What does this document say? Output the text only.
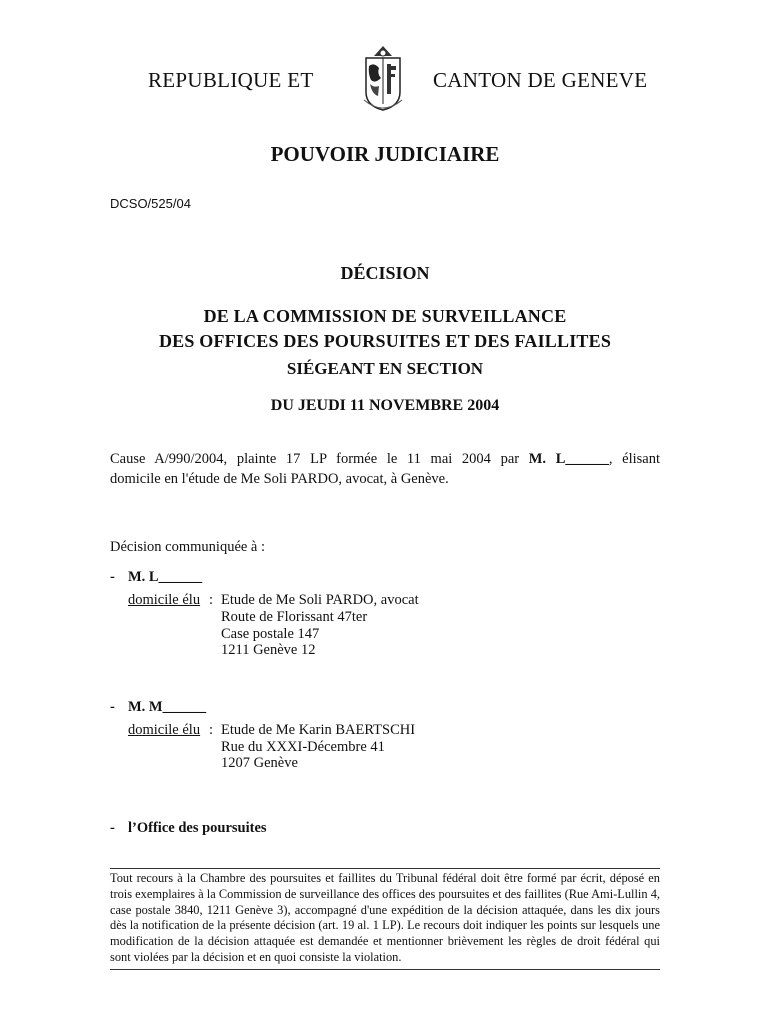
REPUBLIQUE ET	CANTON DE GENEVE
POUVOIR JUDICIAIRE
DCSO/525/04
DÉCISION
DE LA COMMISSION DE SURVEILLANCE
DES OFFICES DES POURSUITES ET DES FAILLITES
SIÉGEANT EN SECTION
DU JEUDI 11 NOVEMBRE 2004
Cause A/990/2004, plainte 17 LP formée le 11 mai 2004 par M. L______, élisant
domicile en l'étude de Me Soli PARDO, avocat, à Genève.
Décision communiquée à :
- M. L______
domicile élu : Etude de Me Soli PARDO, avocat
Route de Florissant 47ter
Case postale 147
1211 Genève 12
- M. M______
domicile élu : Etude de Me Karin BAERTSCHI
Rue du XXXI-Décembre 41
1207 Genève
- l’Office des poursuites
Tout recours à la Chambre des poursuites et faillites du Tribunal fédéral doit être formé par écrit, déposé en trois exemplaires à la Commission de surveillance des offices des poursuites et des faillites (Rue Ami-Lullin 4, case postale 3840, 1211 Genève 3), accompagné d'une expédition de la décision attaquée, dans les dix jours dès la notification de la présente décision (art. 19 al. 1 LP). Le recours doit indiquer les points sur lesquels une modification de la décision attaquée est demandée et mentionner brièvement les règles de droit fédéral qui sont violées par la décision et en quoi consiste la violation.
